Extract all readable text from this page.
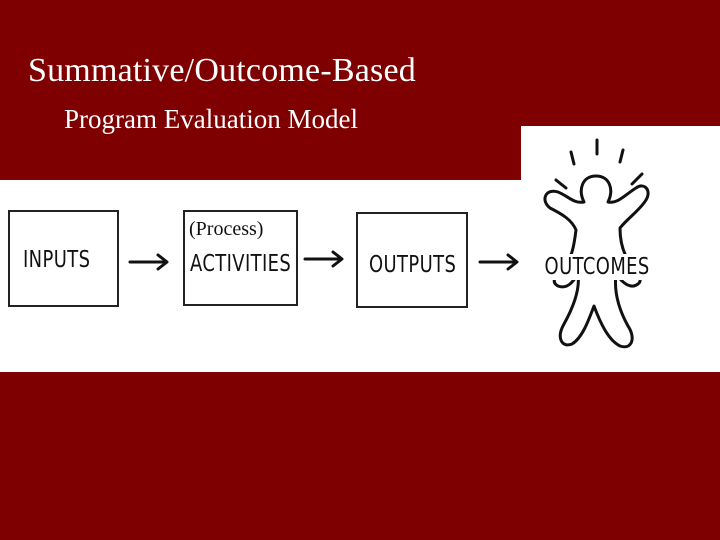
Summative/Outcome-Based
Program Evaluation Model
INPUTS
(Process)
ACTIVITIES	OUTPUTS	OUTCOMES
